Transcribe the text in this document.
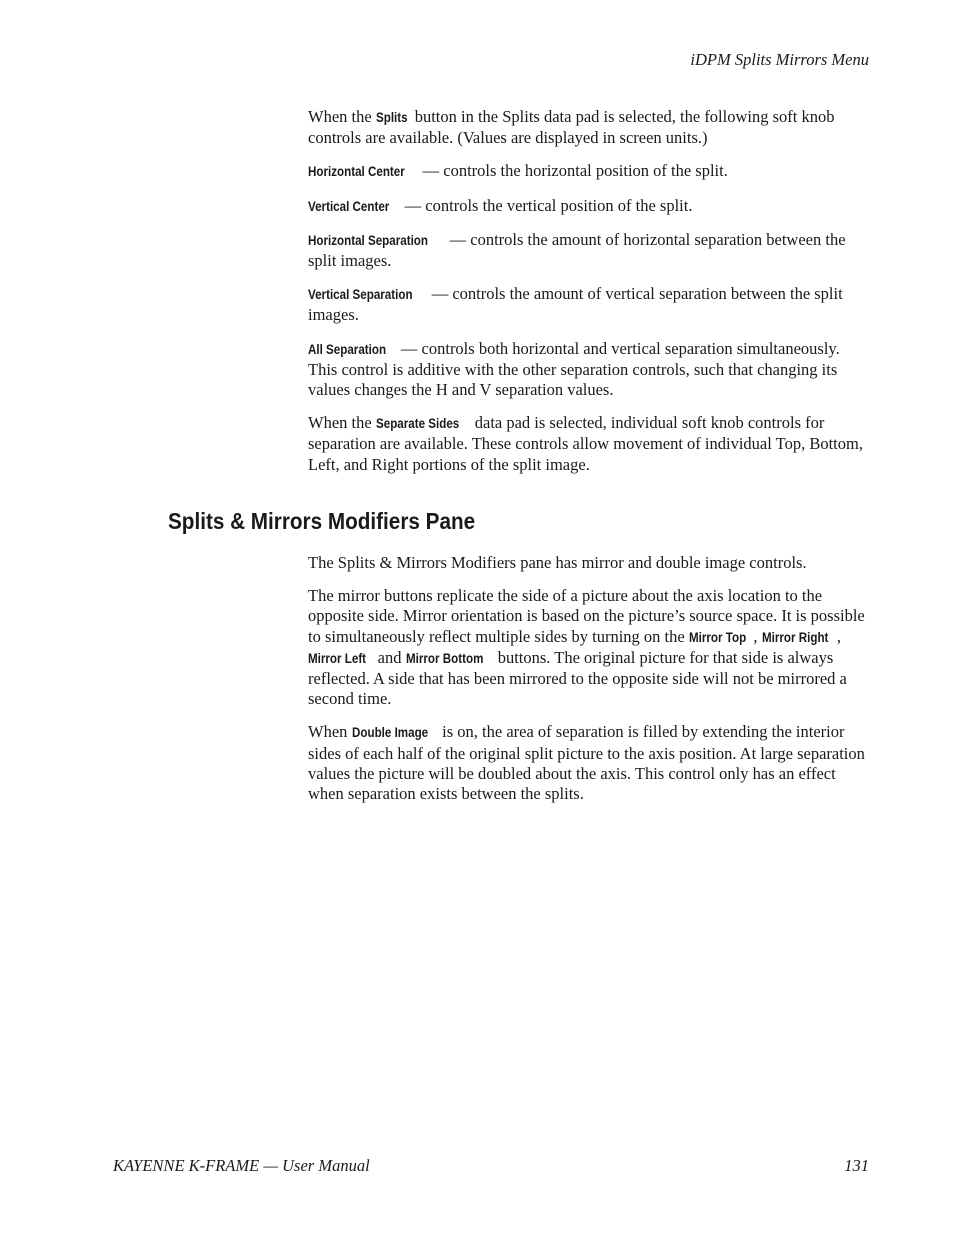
iDPM Splits Mirrors Menu

When the Splits button in the Splits data pad is selected, the following soft knob controls are available. (Values are displayed in screen units.)

Horizontal Center — controls the horizontal position of the split.

Vertical Center — controls the vertical position of the split.

Horizontal Separation — controls the amount of horizontal separation between the split images.

Vertical Separation — controls the amount of vertical separation between the split images.

All Separation — controls both horizontal and vertical separation simultaneously. This control is additive with the other separation controls, such that changing its values changes the H and V separation values.

When the Separate Sides data pad is selected, individual soft knob controls for separation are available. These controls allow movement of individual Top, Bottom, Left, and Right portions of the split image.

Splits & Mirrors Modifiers Pane

The Splits & Mirrors Modifiers pane has mirror and double image controls.

The mirror buttons replicate the side of a picture about the axis location to the opposite side. Mirror orientation is based on the picture’s source space. It is possible to simultaneously reflect multiple sides by turning on the Mirror Top , Mirror Right , Mirror Left and Mirror Bottom buttons. The original picture for that side is always reflected. A side that has been mirrored to the opposite side will not be mirrored a second time.

When Double Image is on, the area of separation is filled by extending the interior sides of each half of the original split picture to the axis position. At large separation values the picture will be doubled about the axis. This control only has an effect when separation exists between the splits.

KAYENNE K-FRAME — User Manual	131
